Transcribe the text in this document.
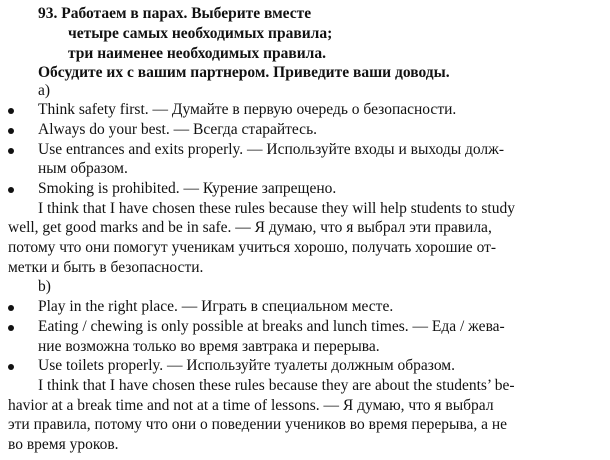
93. Работаем в парах. Выберите вместе
четыре самых необходимых правила;
три наименее необходимых правила.
Обсудите их с вашим партнером. Приведите ваши доводы.
а)
Think safety first. — Думайте в первую очередь о безопасности.
Always do your best. — Всегда старайтесь.
Use entrances and exits properly. — Используйте входы и выходы долж-
ным образом.
Smoking is prohibited. — Курение запрещено.
I think that I have chosen these rules because they will help students to study
well, get good marks and be in safe. — Я думаю, что я выбрал эти правила,
потому что они помогут ученикам учиться хорошо, получать хорошие от-
метки и быть в безопасности.
b)
Play in the right place. — Играть в специальном месте.
Eating / chewing is only possible at breaks and lunch times. — Еда / жева-
ние возможна только во время завтрака и перерыва.
Use toilets properly. — Используйте туалеты должным образом.
I think that I have chosen these rules because they are about the students’ be-
havior at a break time and not at a time of lessons. — Я думаю, что я выбрал
эти правила, потому что они о поведении учеников во время перерыва, а не
во время уроков.
